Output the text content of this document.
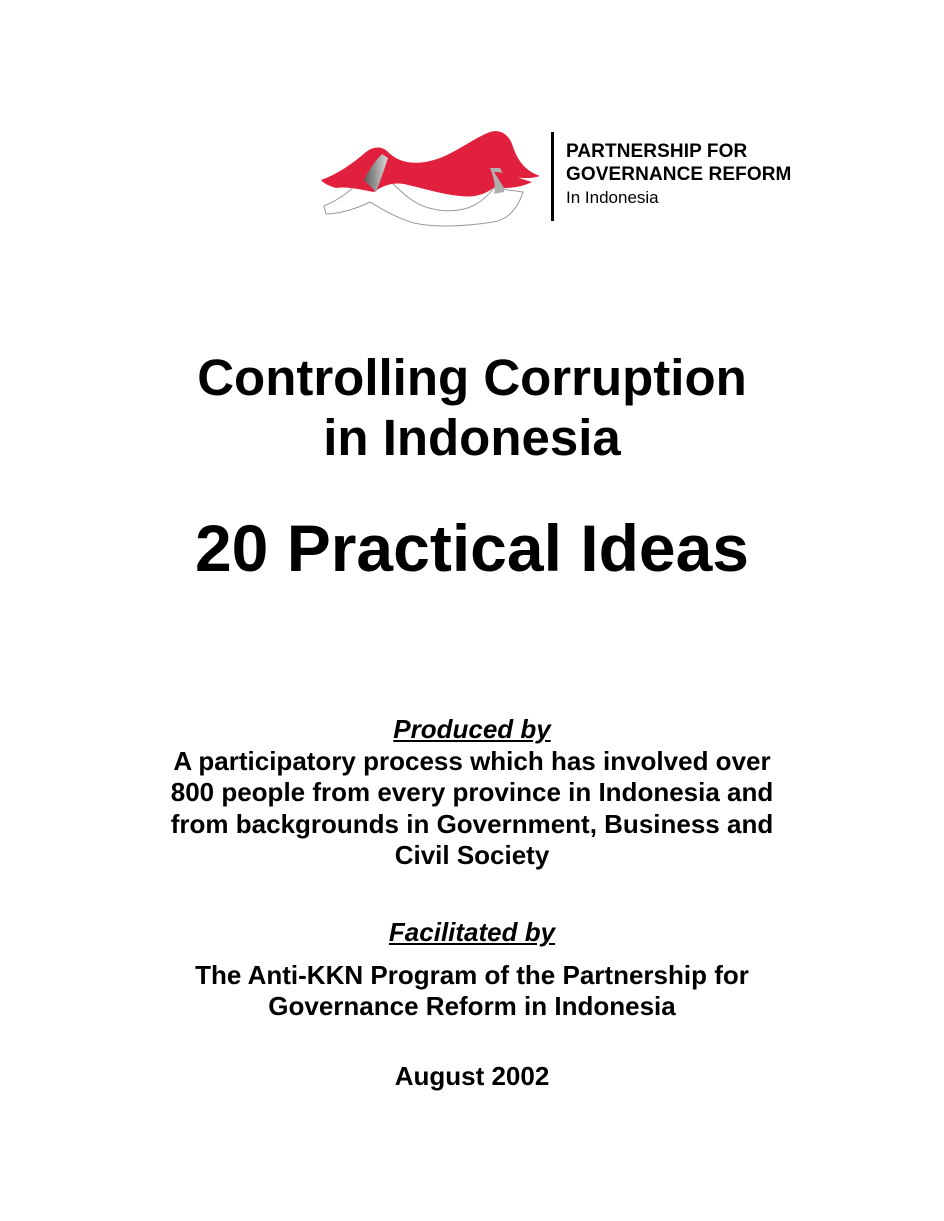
PARTNERSHIP FOR
GOVERNANCE REFORM
In Indonesia
Controlling Corruption
in Indonesia
20 Practical Ideas
Produced by
A participatory process which has involved over
800 people from every province in Indonesia and
from backgrounds in Government, Business and
Civil Society
Facilitated by
The Anti-KKN Program of the Partnership for
Governance Reform in Indonesia
August 2002
